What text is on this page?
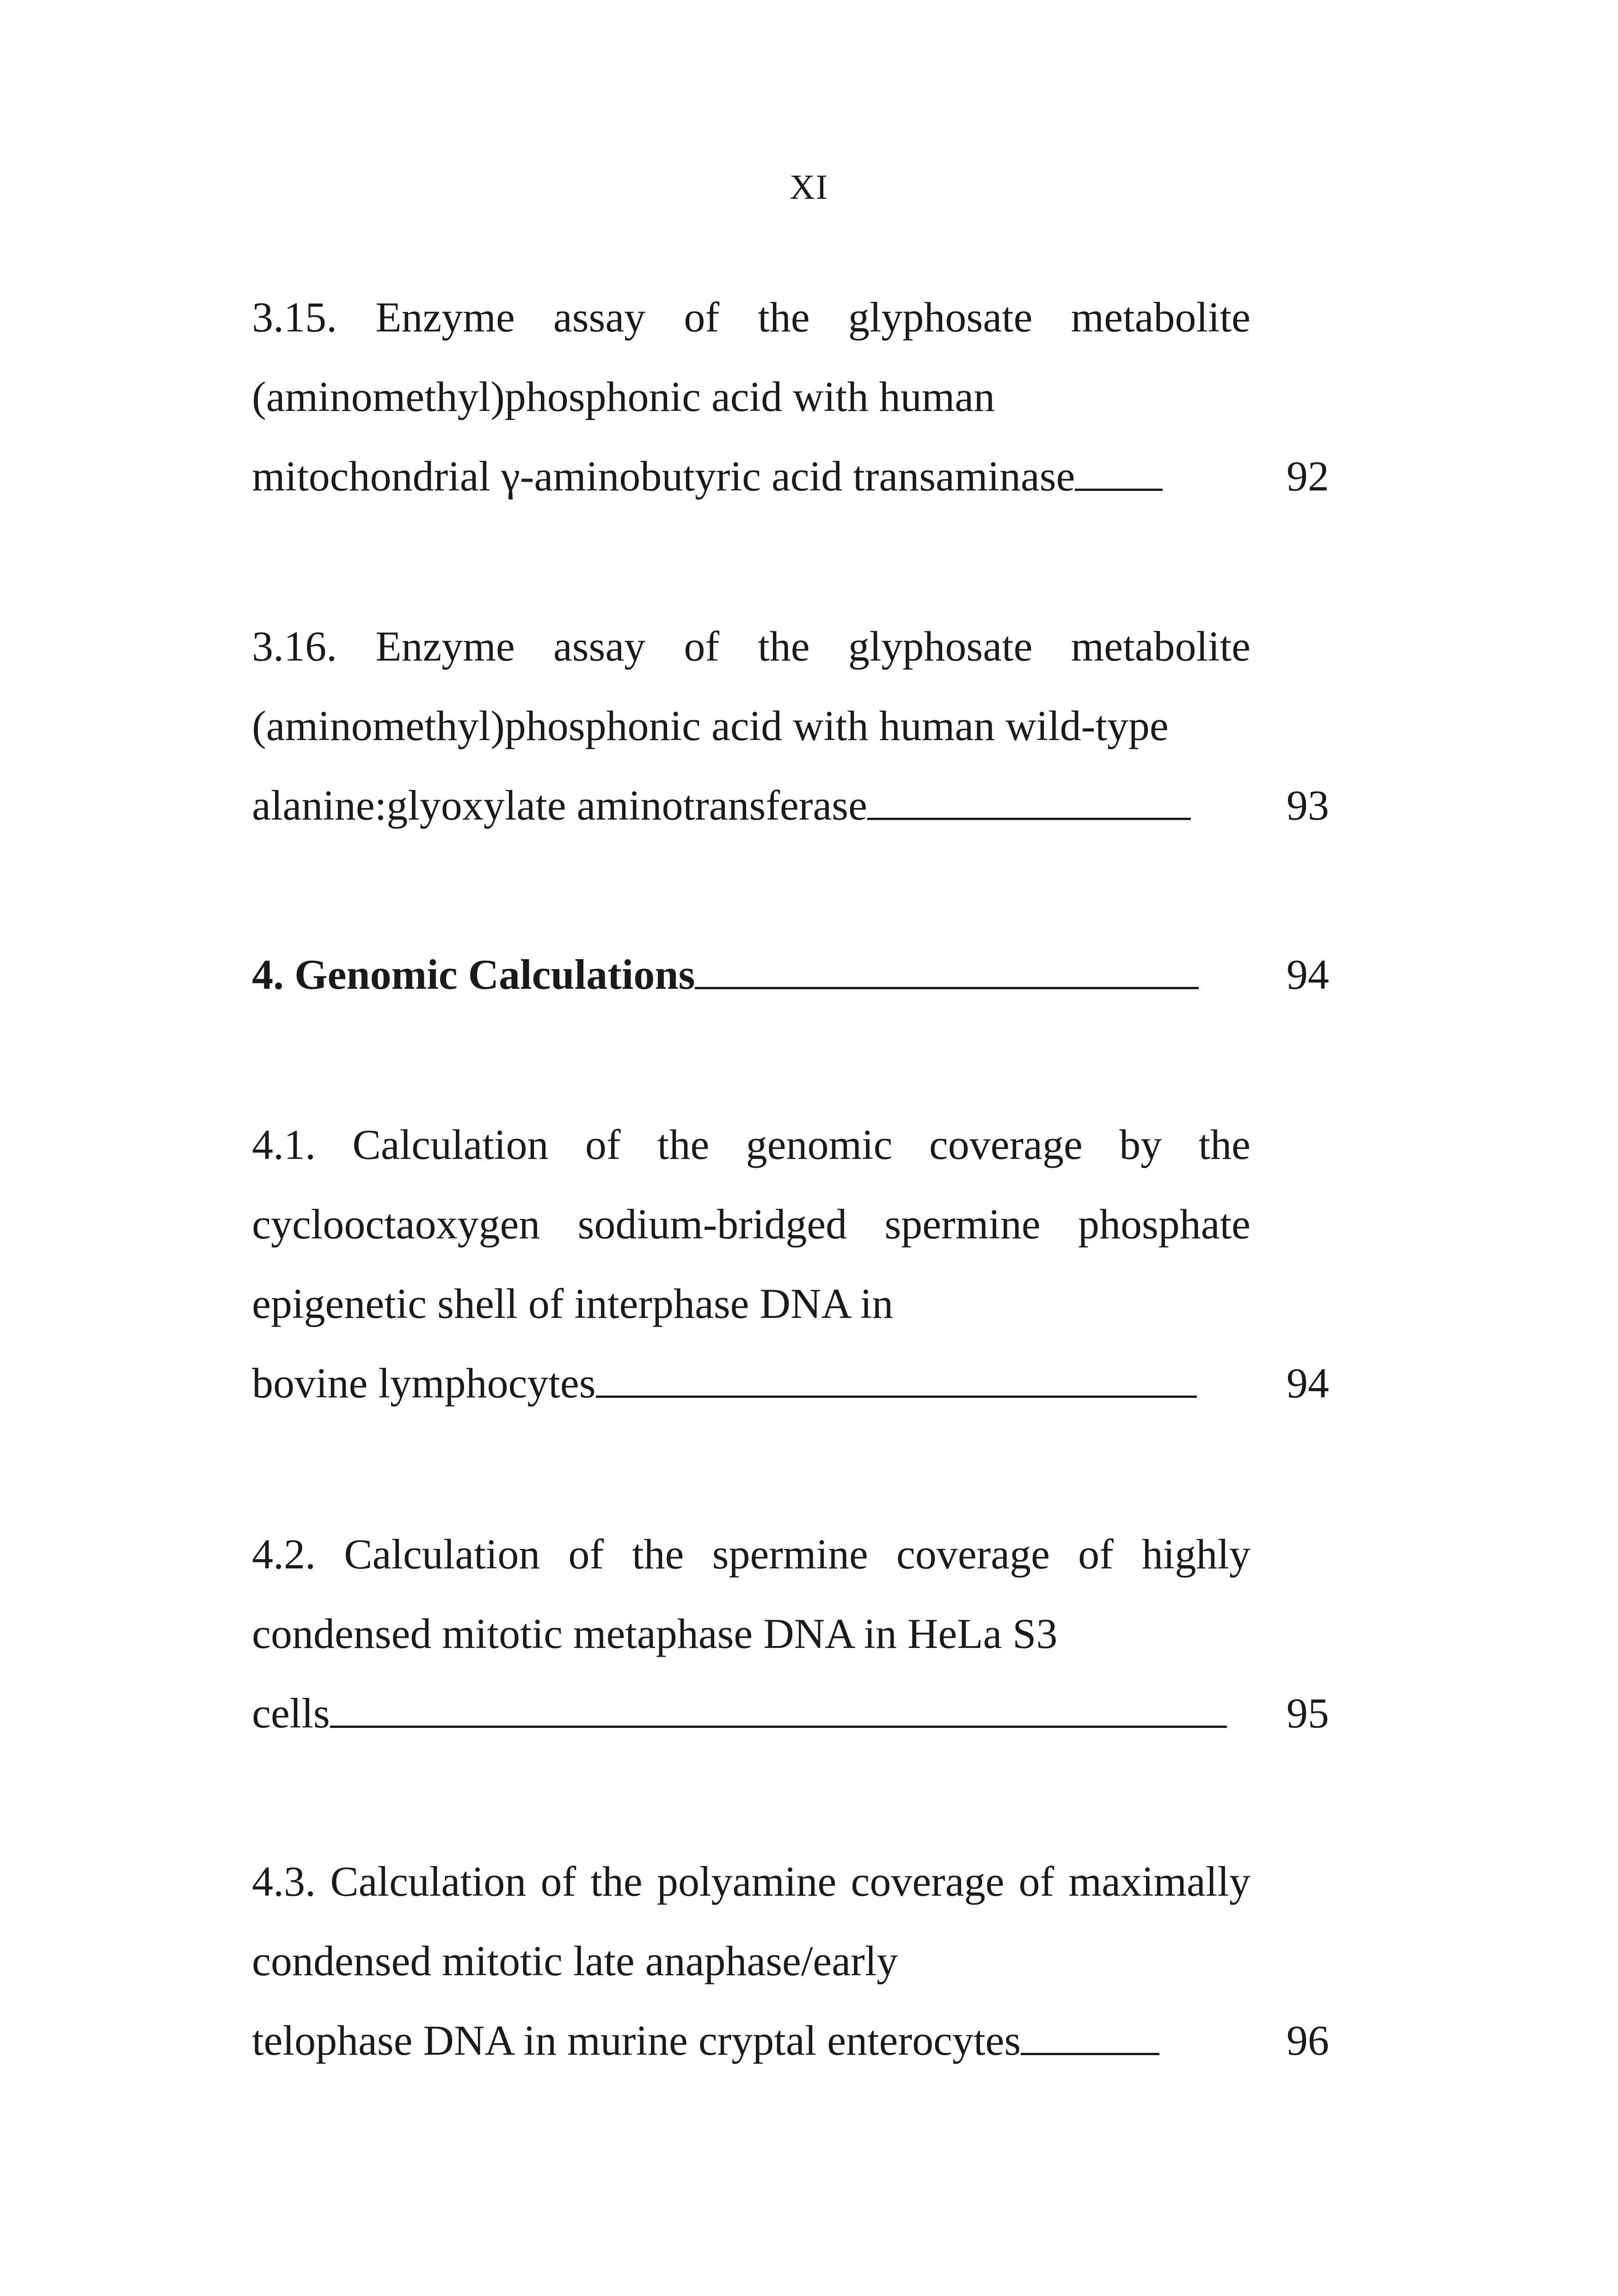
XI
3.15. Enzyme assay of the glyphosate metabolite (aminomethyl)phosphonic acid with human
mitochondrial γ-aminobutyric acid transaminase	92
3.16. Enzyme assay of the glyphosate metabolite (aminomethyl)phosphonic acid with human wild-type
alanine:glyoxylate aminotransferase	93
4. Genomic Calculations	94
4.1. Calculation of the genomic coverage by the cyclooctaoxygen sodium-bridged spermine phosphate epigenetic shell of interphase DNA in
bovine lymphocytes	94
4.2. Calculation of the spermine coverage of highly condensed mitotic metaphase DNA in HeLa S3
cells	95
4.3. Calculation of the polyamine coverage of maximally condensed mitotic late anaphase/early
telophase DNA in murine cryptal enterocytes	96
